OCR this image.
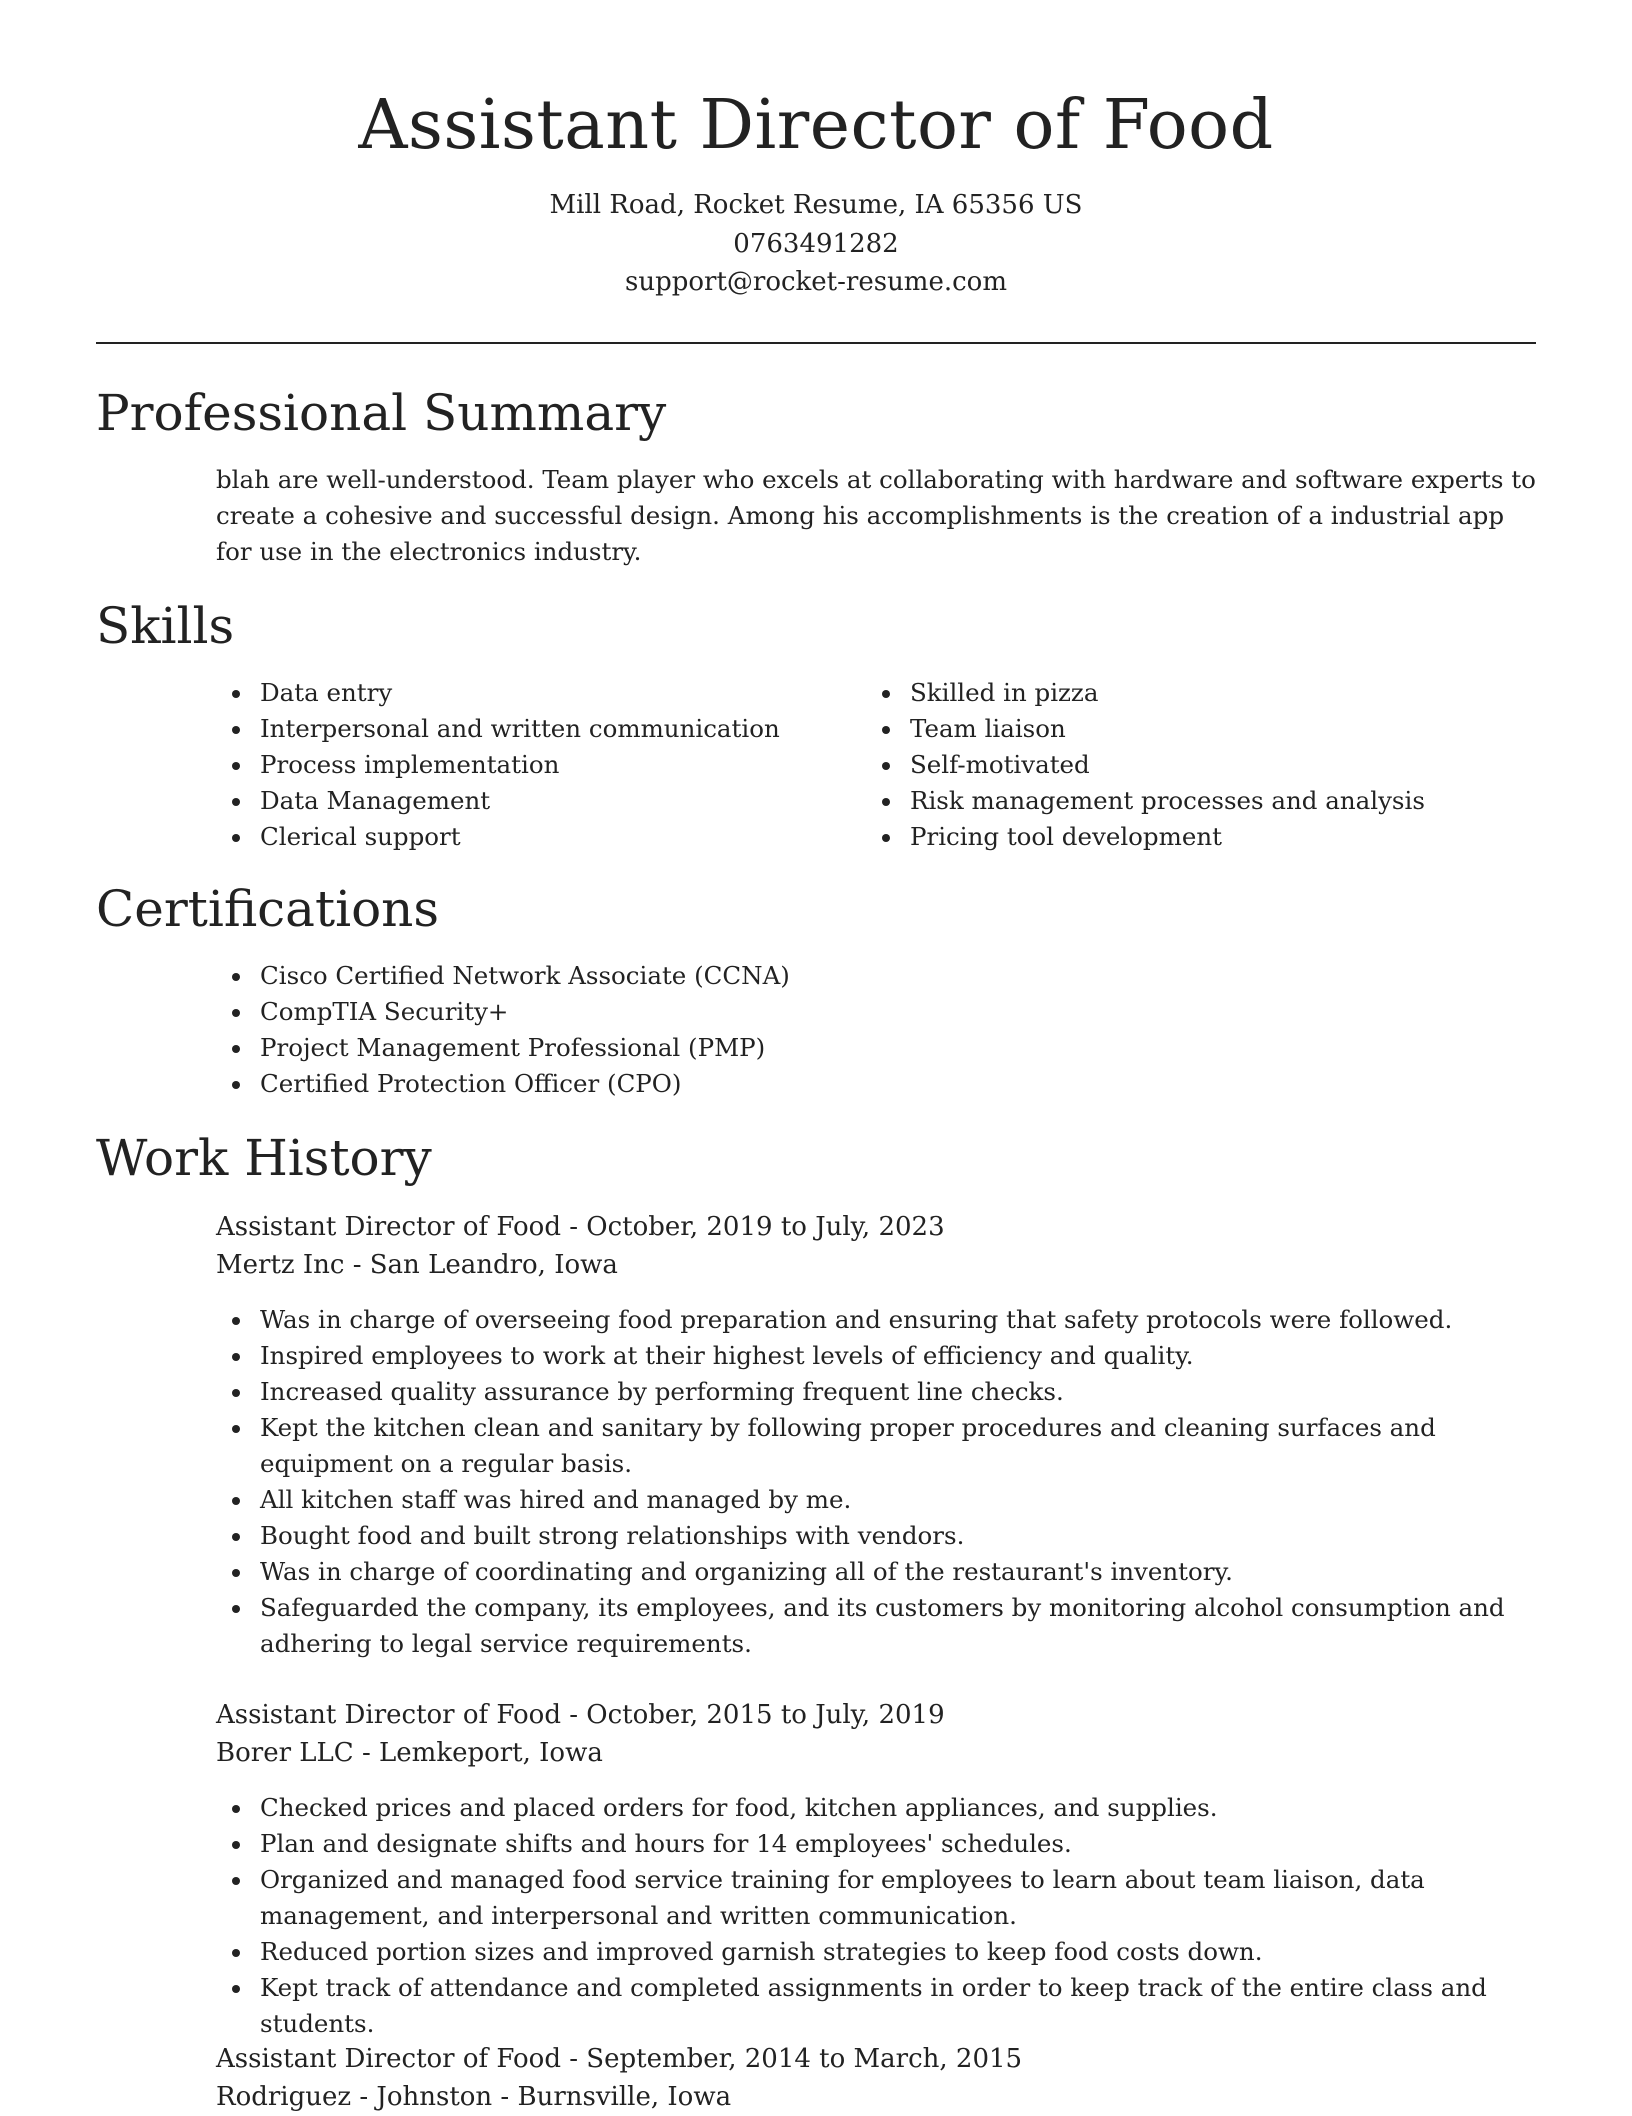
Assistant Director of Food
Mill Road, Rocket Resume, IA 65356 US
0763491282
support@rocket-resume.com
Professional Summary

blah are well-understood. Team player who excels at collaborating with hardware and software experts to create a cohesive and successful design. Among his accomplishments is the creation of a industrial app for use in the electronics industry.

Skills
Data entry
Interpersonal and written communication
Process implementation
Data Management
Clerical support
Skilled in pizza
Team liaison
Self-motivated
Risk management processes and analysis
Pricing tool development
Certifications
Cisco Certified Network Associate (CCNA)
CompTIA Security+
Project Management Professional (PMP)
Certified Protection Officer (CPO)
Work History
Assistant Director of Food - October, 2019 to July, 2023
Mertz Inc - San Leandro, Iowa
Was in charge of overseeing food preparation and ensuring that safety protocols were followed.
Inspired employees to work at their highest levels of efficiency and quality.
Increased quality assurance by performing frequent line checks.
Kept the kitchen clean and sanitary by following proper procedures and cleaning surfaces and equipment on a regular basis.
All kitchen staff was hired and managed by me.
Bought food and built strong relationships with vendors.
Was in charge of coordinating and organizing all of the restaurant's inventory.
Safeguarded the company, its employees, and its customers by monitoring alcohol consumption and adhering to legal service requirements.
Assistant Director of Food - October, 2015 to July, 2019
Borer LLC - Lemkeport, Iowa
Checked prices and placed orders for food, kitchen appliances, and supplies.
Plan and designate shifts and hours for 14 employees' schedules.
Organized and managed food service training for employees to learn about team liaison, data management, and interpersonal and written communication.
Reduced portion sizes and improved garnish strategies to keep food costs down.
Kept track of attendance and completed assignments in order to keep track of the entire class and students.
Assistant Director of Food - September, 2014 to March, 2015
Rodriguez - Johnston - Burnsville, Iowa
